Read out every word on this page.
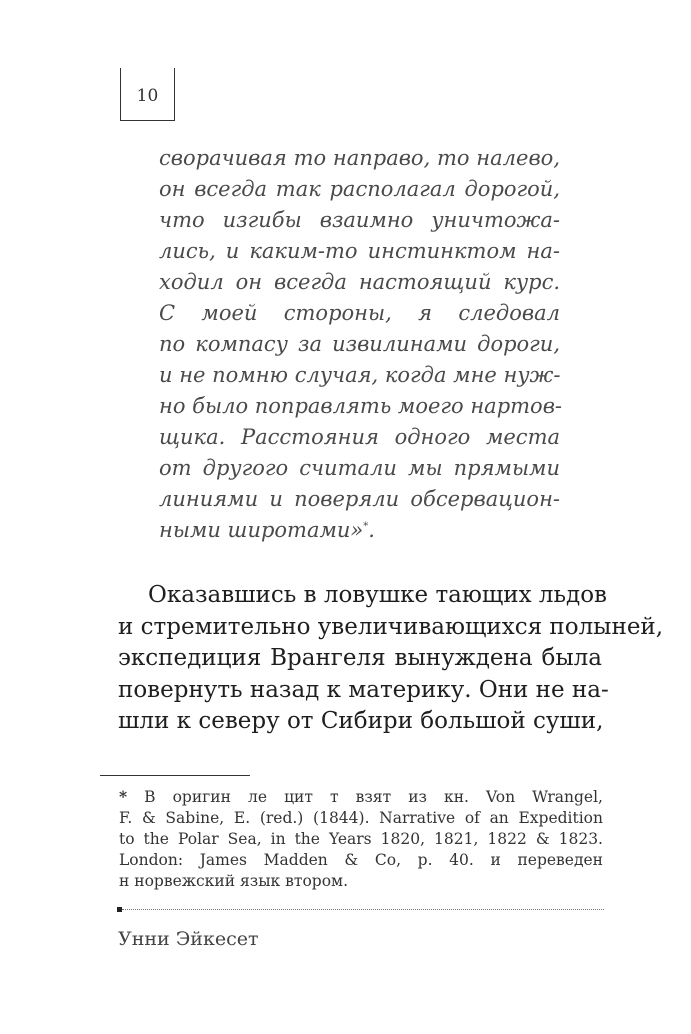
10
сворачивая то направо, то налево,
он всегда так располагал дорогой,
что изгибы взаимно уничтожа-
лись, и каким-то инстинктом на-
ходил он всегда настоящий курс.
С моей стороны, я следовал
по компасу за извилинами дороги,
и не помню случая, когда мне нуж-
но было поправлять моего нартов-
щика. Расстояния одного места
от другого считали мы прямыми
линиями и поверяли обсервацион-
ными широтами»*.
Оказавшись в ловушке тающих льдов
и стремительно увеличивающихся полыней,
экспедиция Врангеля вынуждена была
повернуть назад к материку. Они не на-
шли к северу от Сибири большой суши,
* В оригин ле цит т взят из кн. Von Wrangel,
F. & Sabine, E. (red.) (1844). Narrative of an Expedition
to the Polar Sea, in the Years 1820, 1821, 1822 & 1823.
London: James Madden & Co, p. 40. и переведен
н норвежский язык втором.
Унни Эйкесет
